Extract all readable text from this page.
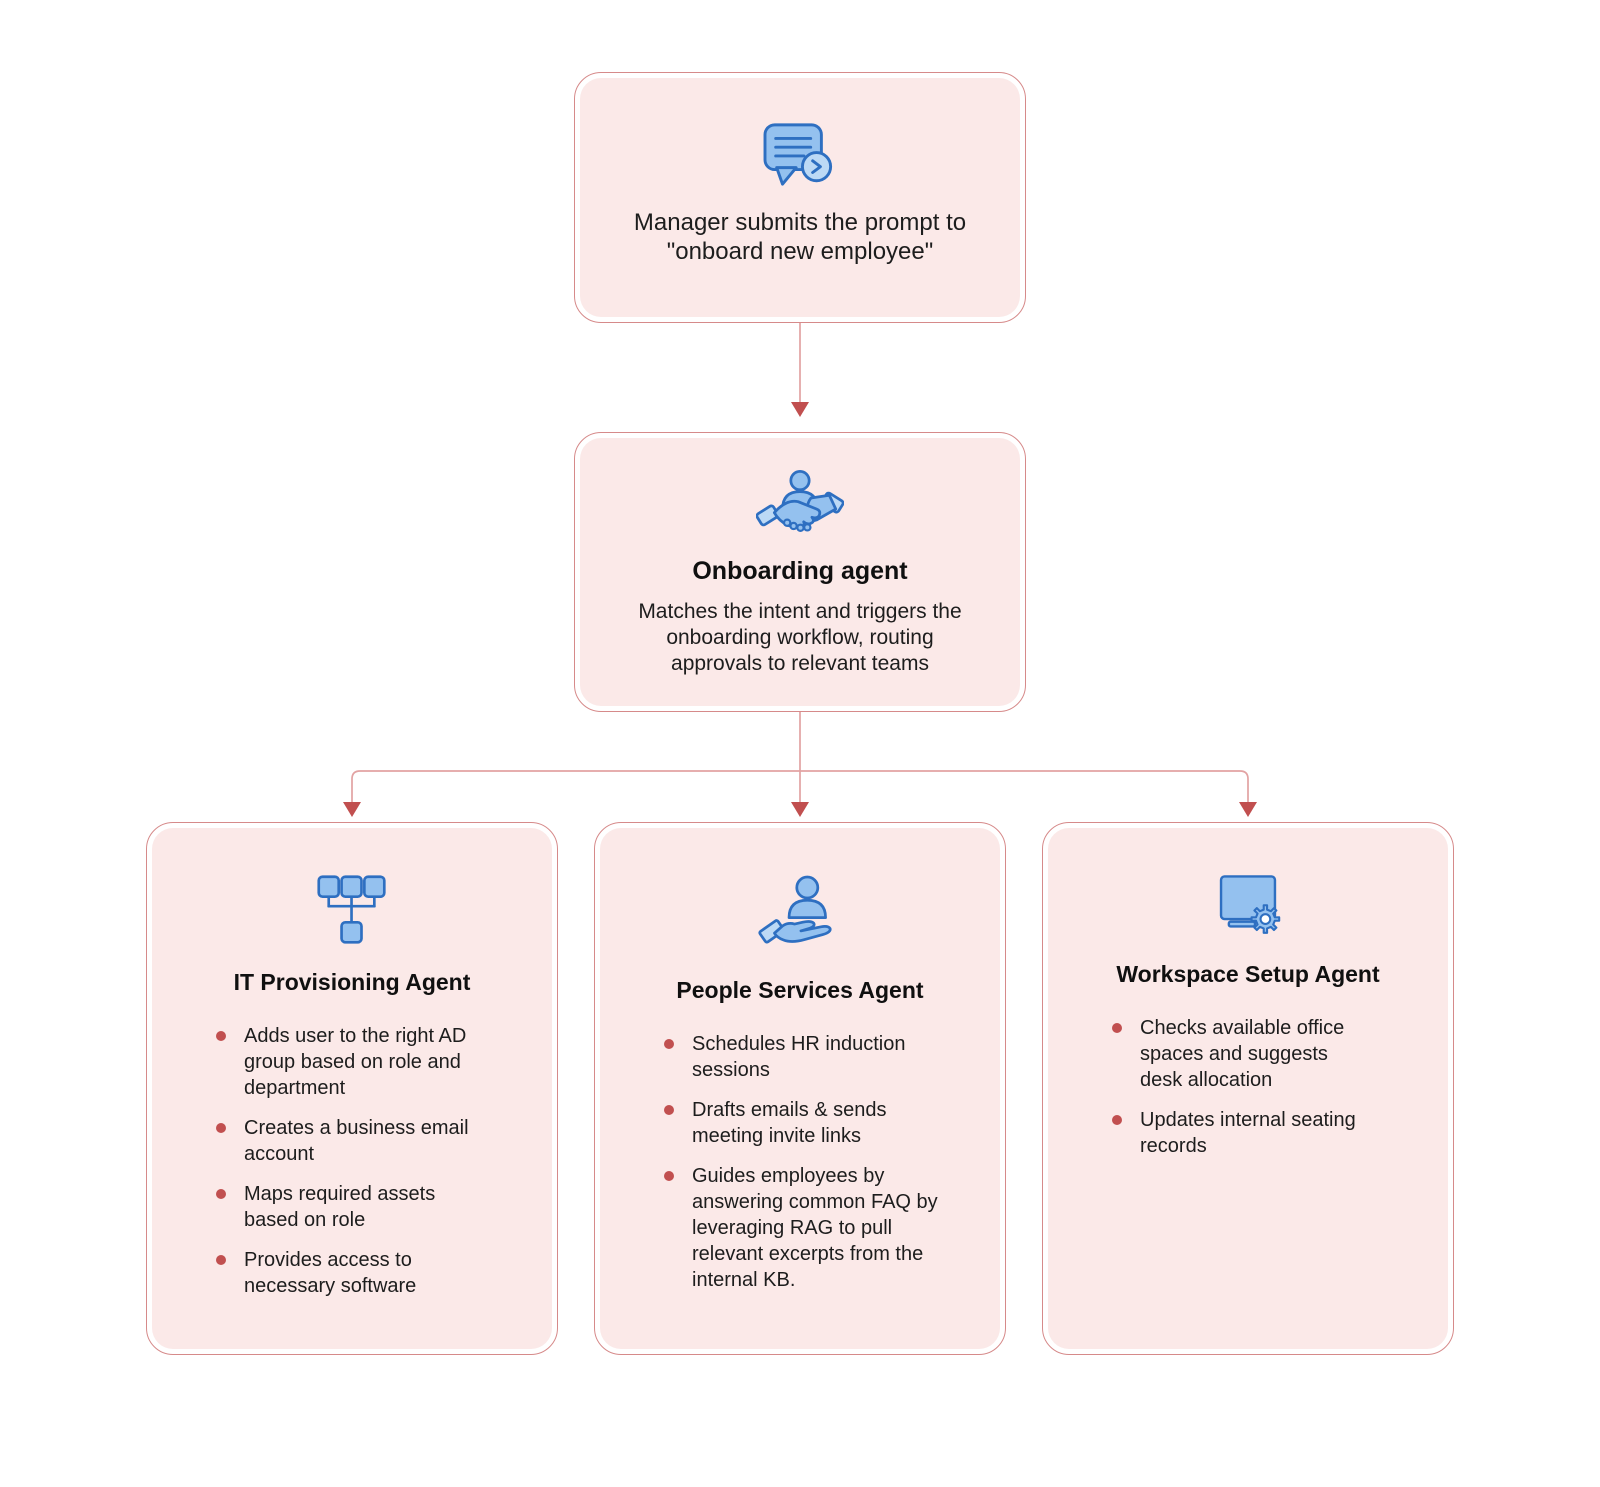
Manager submits the prompt to "onboard new employee"

Onboarding agent

Matches the intent and triggers the onboarding workflow, routing approvals to relevant teams

IT Provisioning Agent
Adds user to the right AD group based on role and department
Creates a business email account
Maps required assets based on role
Provides access to necessary software
People Services Agent
Schedules HR induction sessions
Drafts emails & sends meeting invite links
Guides employees by answering common FAQ by leveraging RAG to pull relevant excerpts from the internal KB.
Workspace Setup Agent
Checks available office spaces and suggests desk allocation
Updates internal seating records
